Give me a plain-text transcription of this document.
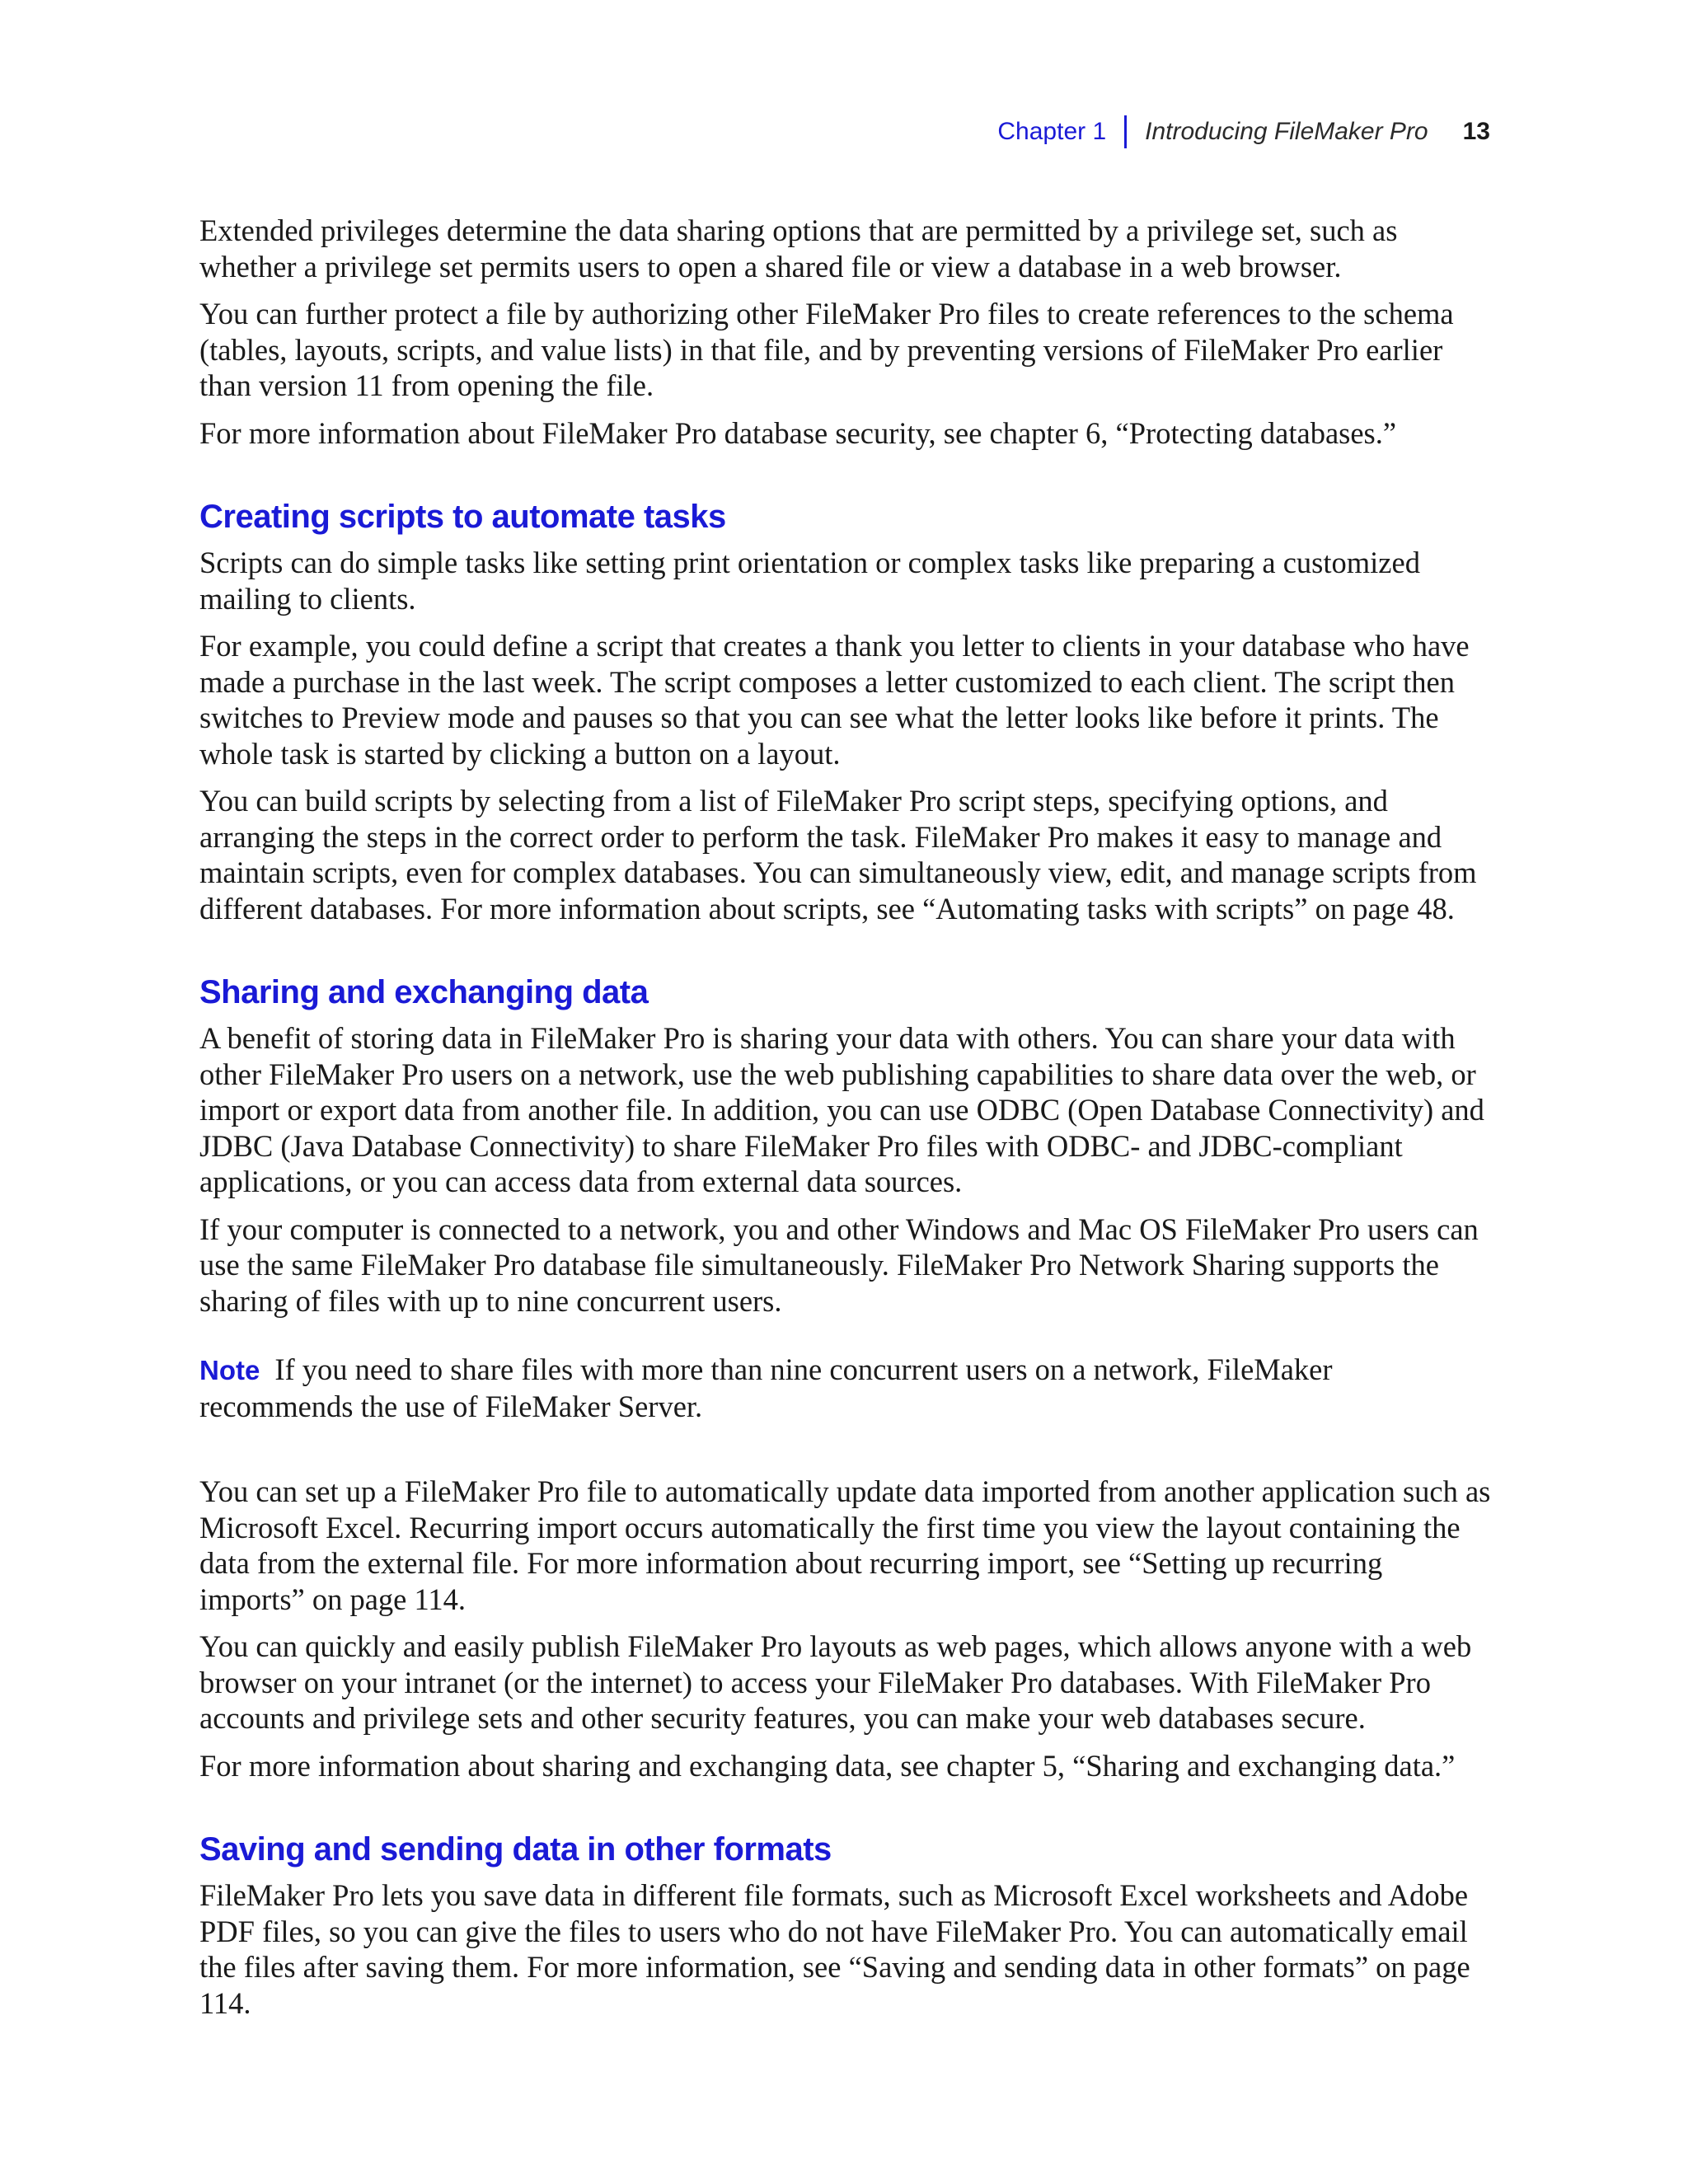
Chapter 1 Introducing FileMaker Pro 13

Extended privileges determine the data sharing options that are permitted by a privilege set, such as whether a privilege set permits users to open a shared file or view a database in a web browser.

You can further protect a file by authorizing other FileMaker Pro files to create references to the schema (tables, layouts, scripts, and value lists) in that file, and by preventing versions of FileMaker Pro earlier than version 11 from opening the file.

For more information about FileMaker Pro database security, see chapter 6, “Protecting databases.”

Creating scripts to automate tasks

Scripts can do simple tasks like setting print orientation or complex tasks like preparing a customized mailing to clients.

For example, you could define a script that creates a thank you letter to clients in your database who have made a purchase in the last week. The script composes a letter customized to each client. The script then switches to Preview mode and pauses so that you can see what the letter looks like before it prints. The whole task is started by clicking a button on a layout.

You can build scripts by selecting from a list of FileMaker Pro script steps, specifying options, and arranging the steps in the correct order to perform the task. FileMaker Pro makes it easy to manage and maintain scripts, even for complex databases. You can simultaneously view, edit, and manage scripts from different databases. For more information about scripts, see “Automating tasks with scripts” on page 48.

Sharing and exchanging data

A benefit of storing data in FileMaker Pro is sharing your data with others. You can share your data with other FileMaker Pro users on a network, use the web publishing capabilities to share data over the web, or import or export data from another file. In addition, you can use ODBC (Open Database Connectivity) and JDBC (Java Database Connectivity) to share FileMaker Pro files with ODBC- and JDBC-compliant applications, or you can access data from external data sources.

If your computer is connected to a network, you and other Windows and Mac OS FileMaker Pro users can use the same FileMaker Pro database file simultaneously. FileMaker Pro Network Sharing supports the sharing of files with up to nine concurrent users.

Note If you need to share files with more than nine concurrent users on a network, FileMaker recommends the use of FileMaker Server.

You can set up a FileMaker Pro file to automatically update data imported from another application such as Microsoft Excel. Recurring import occurs automatically the first time you view the layout containing the data from the external file. For more information about recurring import, see “Setting up recurring imports” on page 114.

You can quickly and easily publish FileMaker Pro layouts as web pages, which allows anyone with a web browser on your intranet (or the internet) to access your FileMaker Pro databases. With FileMaker Pro accounts and privilege sets and other security features, you can make your web databases secure.

For more information about sharing and exchanging data, see chapter 5, “Sharing and exchanging data.”

Saving and sending data in other formats

FileMaker Pro lets you save data in different file formats, such as Microsoft Excel worksheets and Adobe PDF files, so you can give the files to users who do not have FileMaker Pro. You can automatically email the files after saving them. For more information, see “Saving and sending data in other formats” on page 114.
